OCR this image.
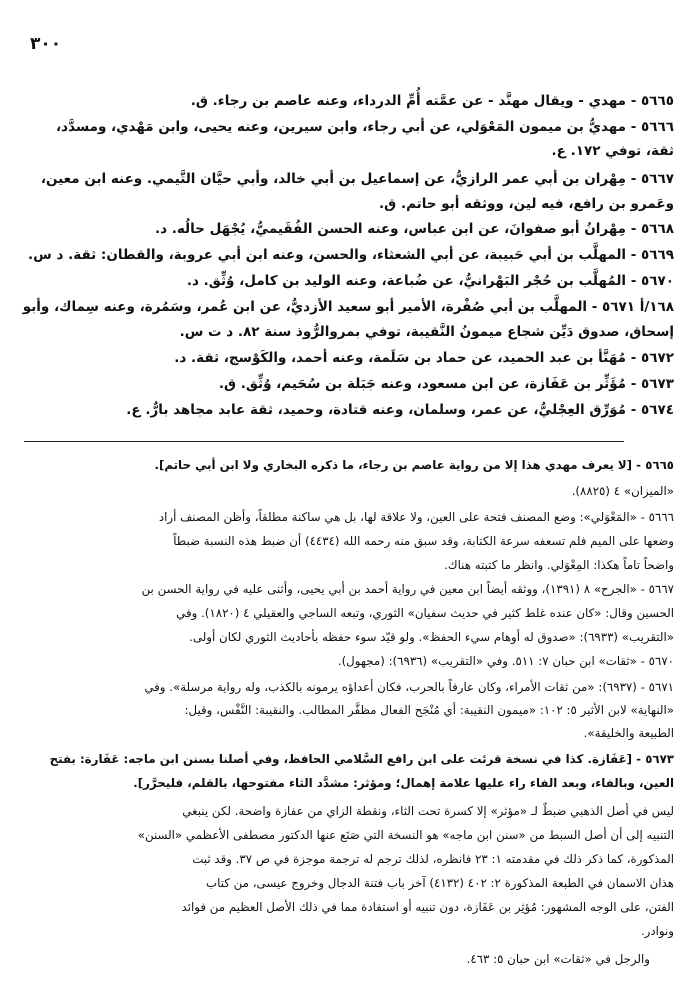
٣٠٠
٥٦٦٥ - مهدي - ويقال مهنَّد - عن عمَّته أُمِّ الدرداء، وعنه عاصم بن رجاء. ق.
٥٦٦٦ - مهديُّ بن ميمون المَعْوَلي، عن أبي رجاء، وابن سيرين، وعنه يحيى، وابن مَهْدي، ومسدَّد،
ثقة، توفي ١٧٢. ع.
٥٦٦٧ - مِهْران بن أبي عمر الرازيُّ، عن إسماعيل بن أبي خالد، وأبي حيَّان التَّيمي. وعنه ابن معين،
وعَمرو بن رافع، فيه لين، ووثقه أبو حاتم. ق.
٥٦٦٨ - مِهْرانُ أبو صفوانَ، عن ابن عباس، وعنه الحسن الفُقَيميُّ، يُجْهَل حالُه. د.
٥٦٦٩ - المهلَّب بن أبي حَبيبة، عن أبي الشعثاء، والحسن، وعنه ابن أبي عروبة، والقطان: ثقة. د س.
٥٦٧٠ - المُهلَّب بن حُجْر البَهْرانيُّ، عن ضُباعة، وعنه الوليد بن كامل، وُثِّق. د.
١٦٨/أ ٥٦٧١ - المهلَّب بن أبي صُفْرة، الأمير أبو سعيد الأزديُّ، عن ابن عُمر، وسَمُرة، وعنه سِماك، وأبو
إسحاق، صدوق دَيِّن شجاع ميمونُ النَّقيبة، توفي بمروالرُّوذ سنة ٨٢. د ت س.
٥٦٧٢ - مُهَنَّأ بن عبد الحميد، عن حماد بن سَلَمة، وعنه أحمد، والكَوْسج، ثقة. د.
٥٦٧٣ - مُؤَثِّر بن عَفَازة، عن ابن مسعود، وعنه جَبَلة بن سُحَيم، وُثِّق. ق.
٥٦٧٤ - مُوَرِّق العِجْليُّ، عن عمر، وسلمان، وعنه قتادة، وحميد، ثقة عابد مجاهد بارٌّ. ع.
٥٦٦٥ - [لا يعرف مهدي هذا إلا من رواية عاصم بن رجاء، ما ذكره البخاري ولا ابن أبي حاتم].
«الميزان» ٤ (٨٨٢٥).
٥٦٦٦ - «المَعْوَلي»: وضع المصنف فتحة على العين، ولا علاقة لها، بل هي ساكنة مطلقاً، وأظن المصنف أراد
وضعها على الميم فلم تسعفه سرعة الكتابة، وقد سبق منه رحمه الله (٤٤٣٤) أن ضبط هذه النسبة ضبطاً
واضحاً تاماً هكذا: المِعْوَلي. وانظر ما كتبته هناك.
٥٦٦٧ - «الجرح» ٨ (١٣٩١)، ووثقه أيضاً ابن معين في رواية أحمد بن أبي يحيى، وأثنى عليه في رواية الحسن بن
الحسين وقال: «كان عنده غلط كثير في حديث سفيان» الثوري، وتبعه الساجي والعقيلي ٤ (١٨٢٠). وفي
«التقريب» (٦٩٣٣): «صدوق له أوهام سيء الحفظ». ولو قيّد سوء حفظه بأحاديث الثوري لكان أولى.
٥٦٧٠ - «ثقات» ابن حبان ٧: ٥١١. وفي «التقريب» (٦٩٣٦): (مجهول).
٥٦٧١ - (٦٩٣٧): «من ثقات الأمراء، وكان عارفاً بالحرب، فكان أعداؤه يرمونه بالكذب، وله رواية مرسلة». وفي
«النهاية» لابن الأثير ٥: ١٠٢: «ميمون النقيبة: أي مُنْجَح الفعال مظفَّر المطالب. والنقيبة: النَّفْس، وقيل:
الطبيعة والخليقة».
٥٦٧٣ - [عَفَازة. كذا في نسخة قرئت على ابن رافع السَّلامي الحافظ، وفي أصلنا بسنن ابن ماجه: عَفَارة: بفتح
العين، وبالفاء، وبعد الفاء راء عليها علامة إهمال؛ ومؤثر: مشدَّد الثاء مفتوحها، بالقلم، فليحرَّر].
ليس في أصل الذهبي ضبطٌ لـ «مؤثر» إلا كسرة تحت الثاء، ونقطة الزاي من عفازة واضحة. لكن ينبغي
التنبيه إلى أن أصل السبط من «سنن ابن ماجه» هو النسخة التي صَنَع عنها الدكتور مصطفى الأعظمي «السنن»
المذكورة، كما ذكر ذلك في مقدمته ١: ٢٣ فانظره، لذلك ترجم له ترجمة موجزة في ص ٣٧. وقد ثبت
هذان الاسمان في الطبعة المذكورة ٢: ٤٠٢ (٤١٣٢) آخر باب فتنة الدجال وخروج عيسى، من كتاب
الفتن، على الوجه المشهور: مُؤثِر بن عَفَازة، دون تنبيه أو استفادة مما في ذلك الأصل العظيم من فوائد
ونوادر.
والرجل في «ثقات» ابن حبان ٥: ٤٦٣.
